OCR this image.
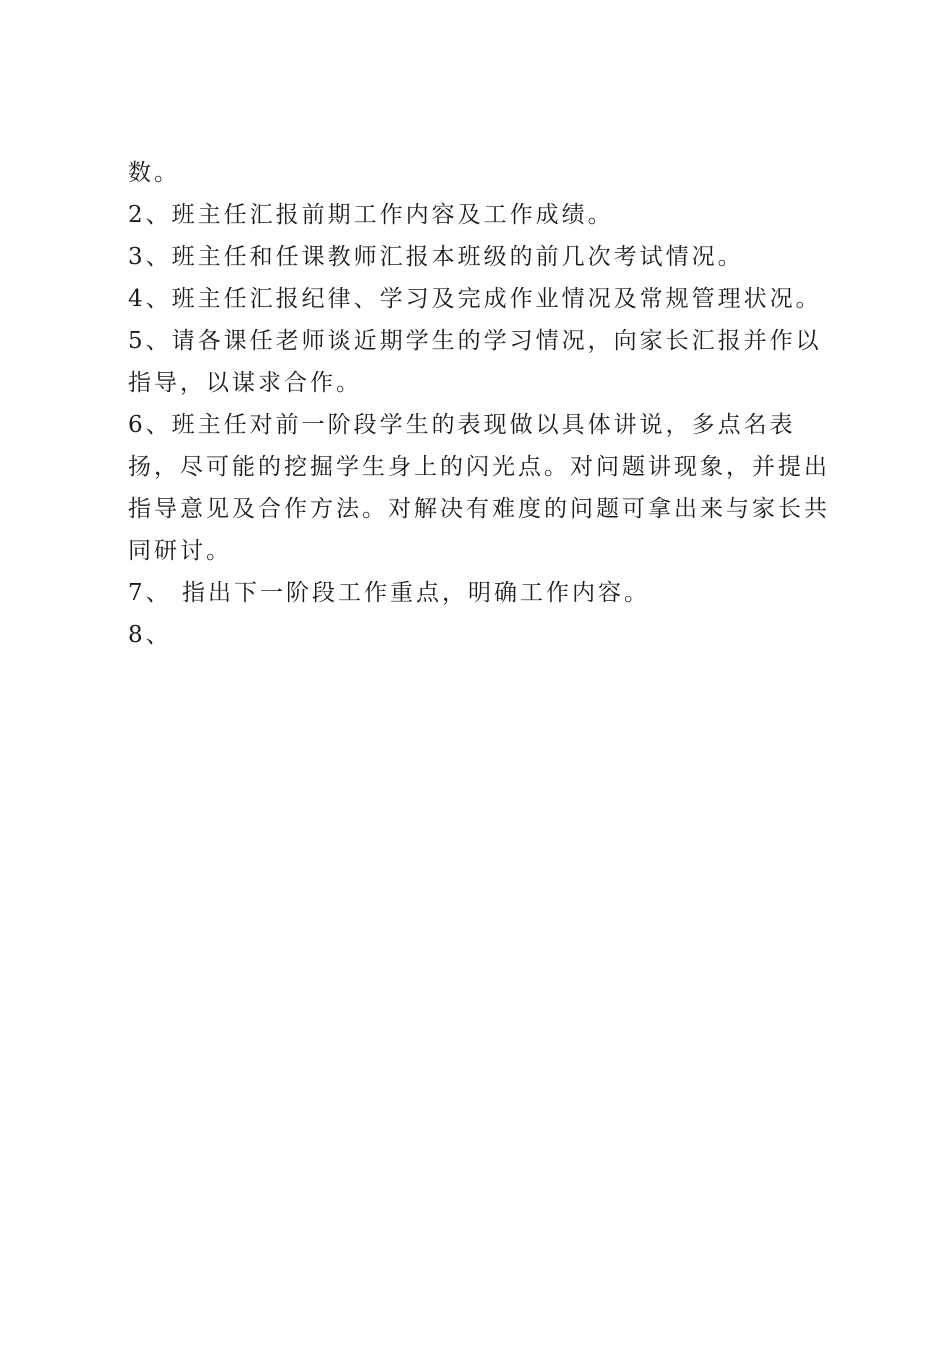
数。
2、班主任汇报前期工作内容及工作成绩。
3、班主任和任课教师汇报本班级的前几次考试情况。
4、班主任汇报纪律、学习及完成作业情况及常规管理状况。
5、请各课任老师谈近期学生的学习情况，向家长汇报并作以
指导，以谋求合作。
6、班主任对前一阶段学生的表现做以具体讲说，多点名表
扬，尽可能的挖掘学生身上的闪光点。对问题讲现象，并提出
指导意见及合作方法。对解决有难度的问题可拿出来与家长共
同研讨。
7、 指出下一阶段工作重点，明确工作内容。
8、
